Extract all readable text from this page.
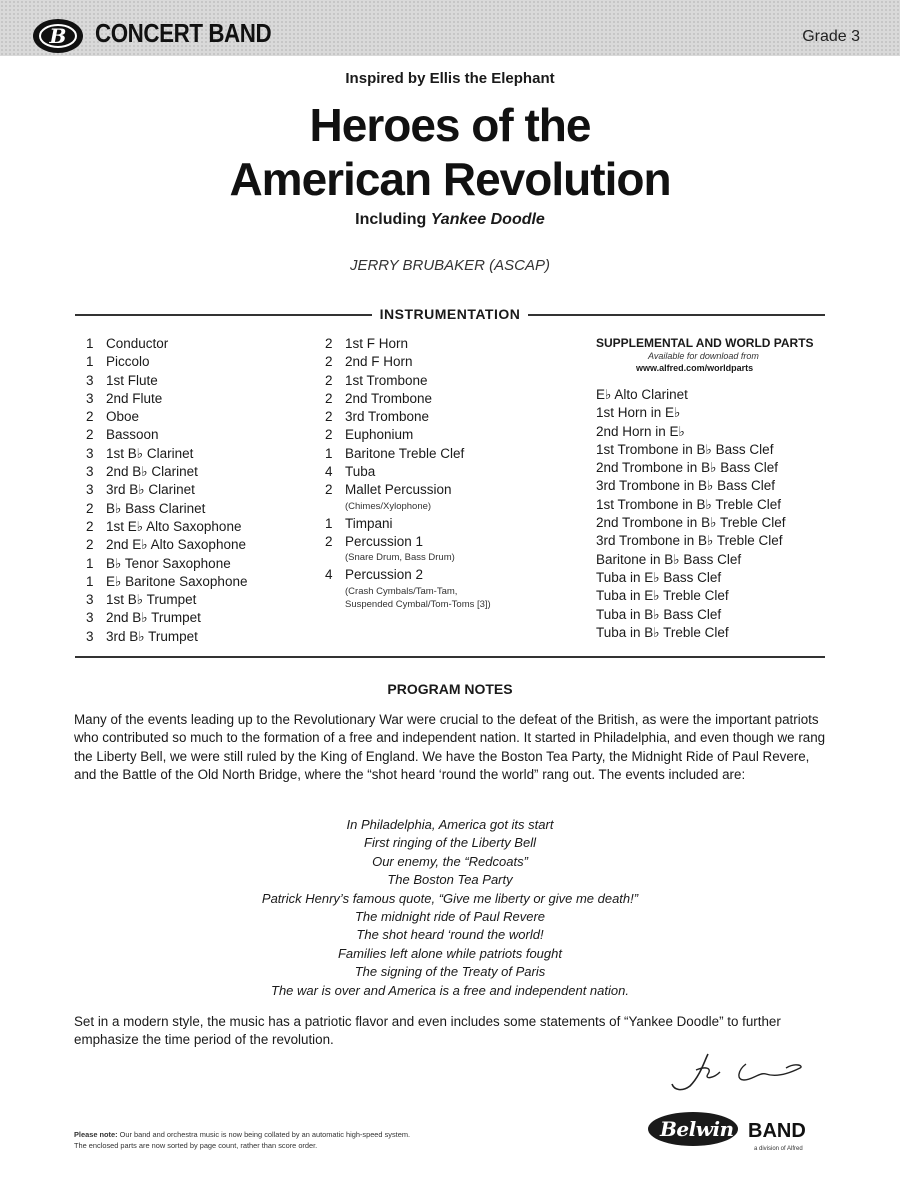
B CONCERT BAND	Grade 3
Inspired by Ellis the Elephant
Heroes of the
American Revolution
Including Yankee Doodle
JERRY BRUBAKER (ASCAP)
INSTRUMENTATION
1 Conductor
1 Piccolo
3 1st Flute
3 2nd Flute
2 Oboe
2 Bassoon
3 1st B♭ Clarinet
3 2nd B♭ Clarinet
3 3rd B♭ Clarinet
2 B♭ Bass Clarinet
2 1st E♭ Alto Saxophone
2 2nd E♭ Alto Saxophone
1 B♭ Tenor Saxophone
1 E♭ Baritone Saxophone
3 1st B♭ Trumpet
3 2nd B♭ Trumpet
3 3rd B♭ Trumpet
2 1st F Horn
2 2nd F Horn
2 1st Trombone
2 2nd Trombone
2 3rd Trombone
2 Euphonium
1 Baritone Treble Clef
4 Tuba
2 Mallet Percussion
(Chimes/Xylophone)
1 Timpani
2 Percussion 1
(Snare Drum, Bass Drum)
4 Percussion 2
(Crash Cymbals/Tam-Tam,
Suspended Cymbal/Tom-Toms [3])
SUPPLEMENTAL AND WORLD PARTS
Available for download from
www.alfred.com/worldparts
E♭ Alto Clarinet
1st Horn in E♭
2nd Horn in E♭
1st Trombone in B♭ Bass Clef
2nd Trombone in B♭ Bass Clef
3rd Trombone in B♭ Bass Clef
1st Trombone in B♭ Treble Clef
2nd Trombone in B♭ Treble Clef
3rd Trombone in B♭ Treble Clef
Baritone in B♭ Bass Clef
Tuba in E♭ Bass Clef
Tuba in E♭ Treble Clef
Tuba in B♭ Bass Clef
Tuba in B♭ Treble Clef
PROGRAM NOTES
Many of the events leading up to the Revolutionary War were crucial to the defeat of the British, as were the important patriots who contributed so much to the formation of a free and independent nation. It started in Philadelphia, and even though we rang the Liberty Bell, we were still ruled by the King of England. We have the Boston Tea Party, the Midnight Ride of Paul Revere, and the Battle of the Old North Bridge, where the “shot heard ‘round the world” rang out. The events included are:
In Philadelphia, America got its start
First ringing of the Liberty Bell
Our enemy, the “Redcoats”
The Boston Tea Party
Patrick Henry’s famous quote, “Give me liberty or give me death!”
The midnight ride of Paul Revere
The shot heard ‘round the world!
Families left alone while patriots fought
The signing of the Treaty of Paris
The war is over and America is a free and independent nation.
Set in a modern style, the music has a patriotic flavor and even includes some statements of “Yankee Doodle” to further emphasize the time period of the revolution.
Please note: Our band and orchestra music is now being collated by an automatic high-speed system.
The enclosed parts are now sorted by page count, rather than score order.
Belwin BAND
a division of Alfred
